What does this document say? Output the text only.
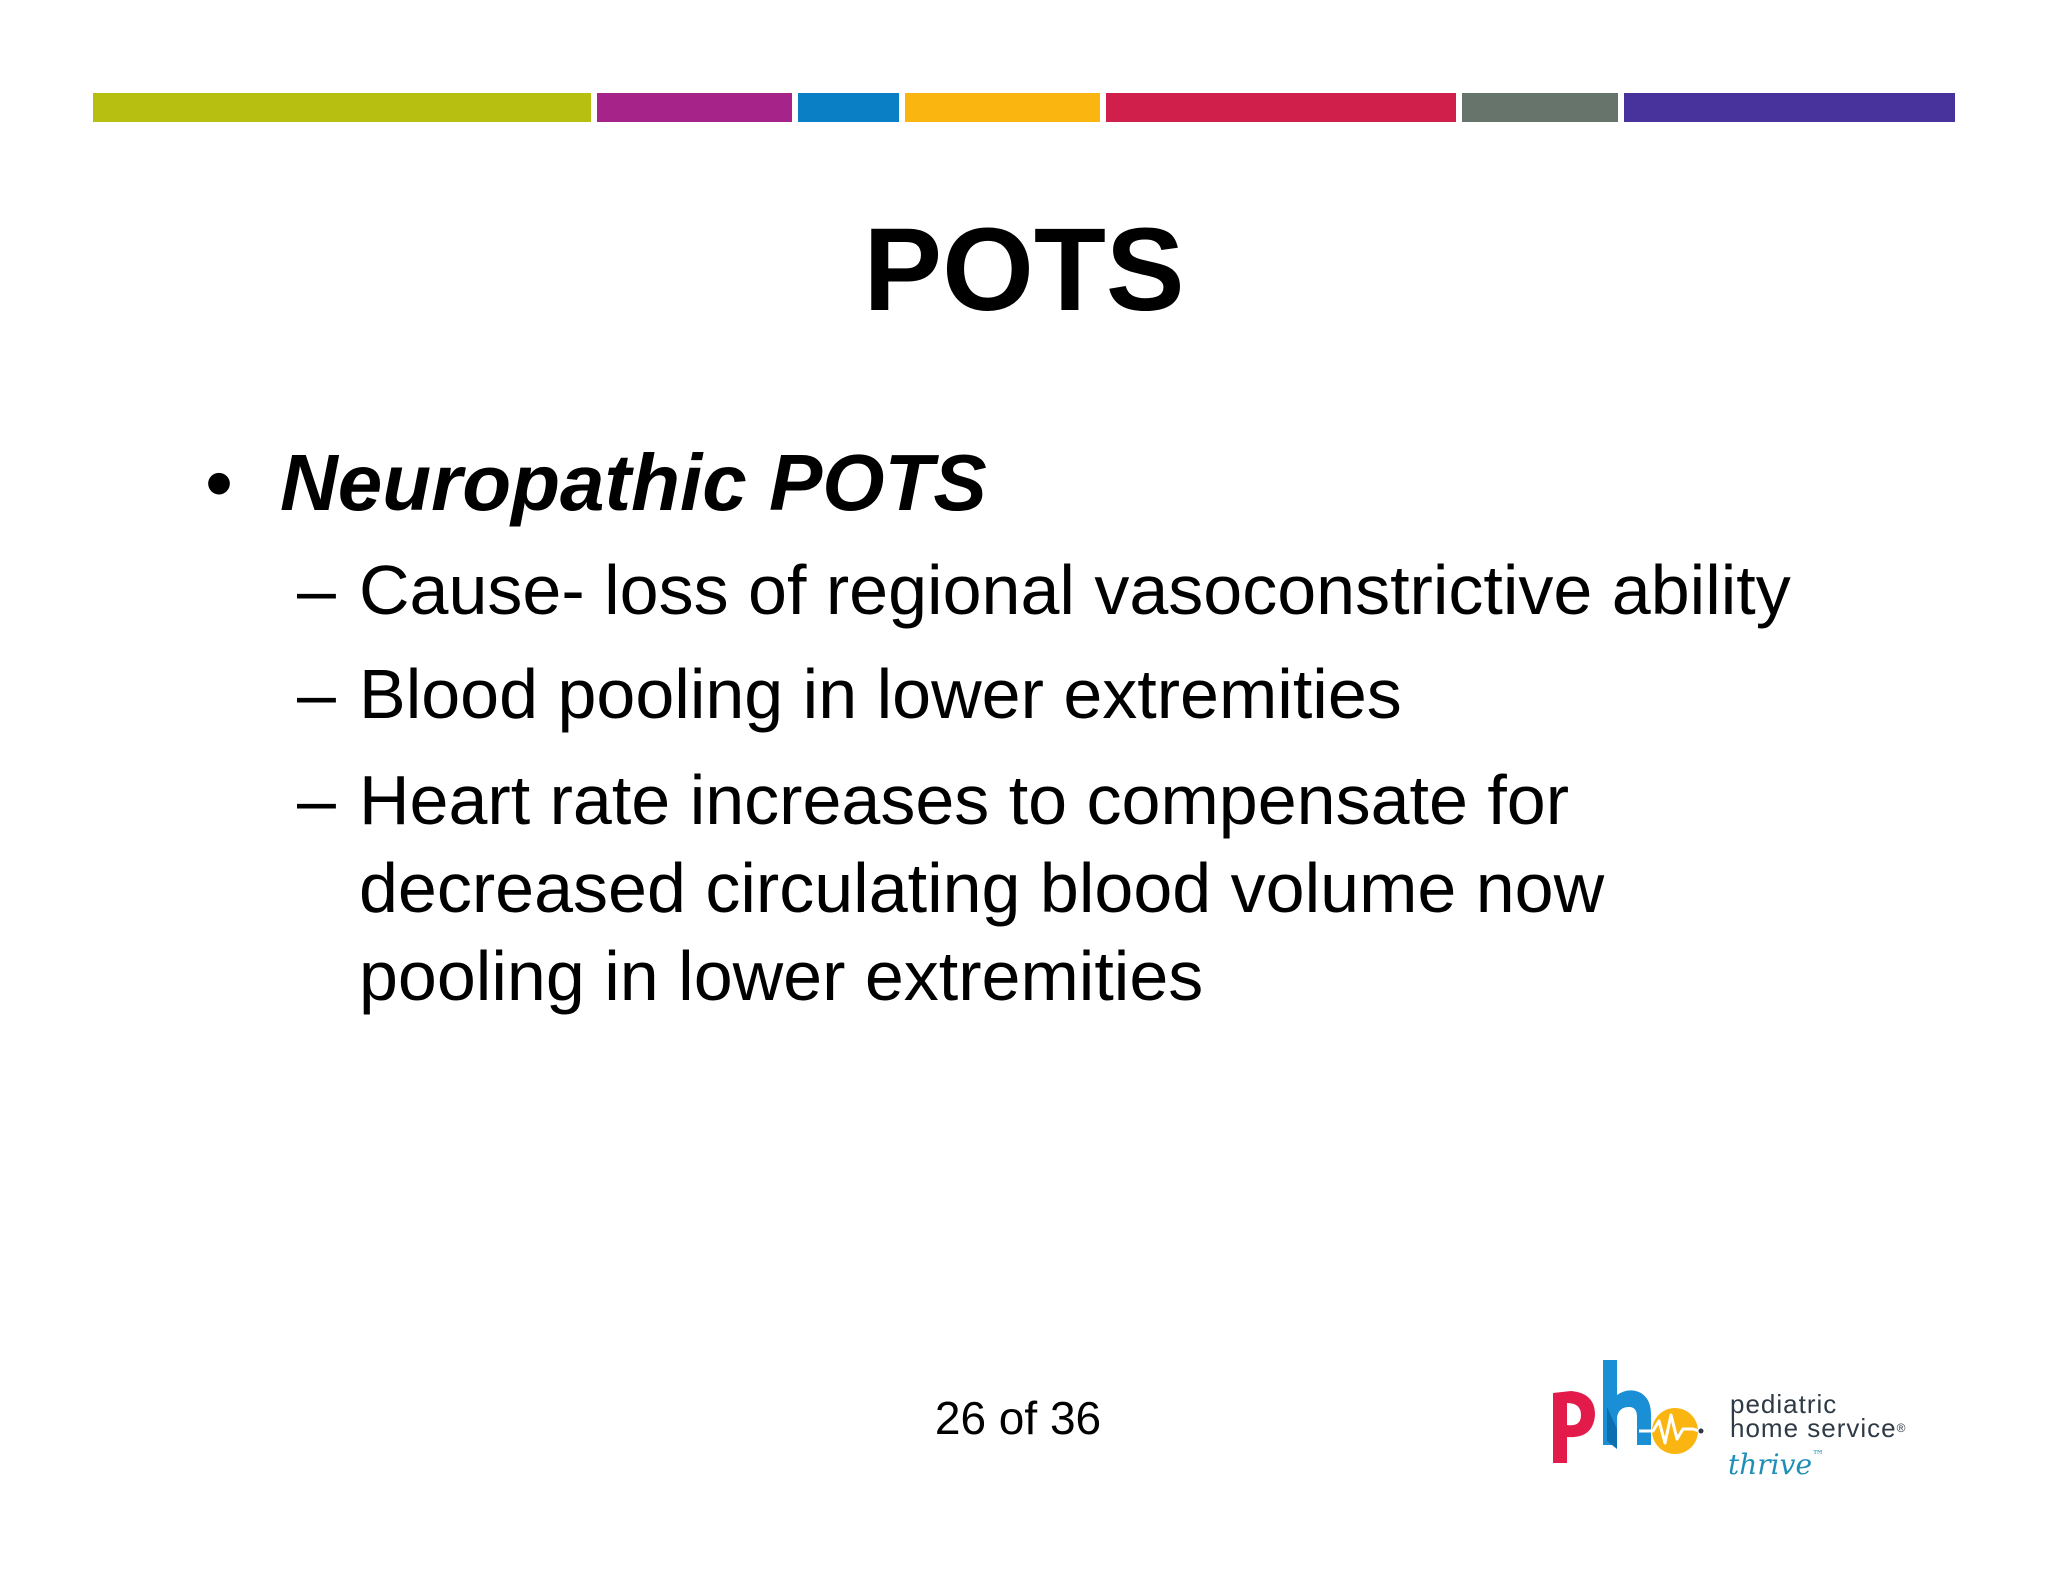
POTS
• Neuropathic POTS
– Cause- loss of regional vasoconstrictive ability
– Blood pooling in lower extremities
– Heart rate increases to compensate for
decreased circulating blood volume now
pooling in lower extremities
26 of 36	pediatric
home service®
thrive™
